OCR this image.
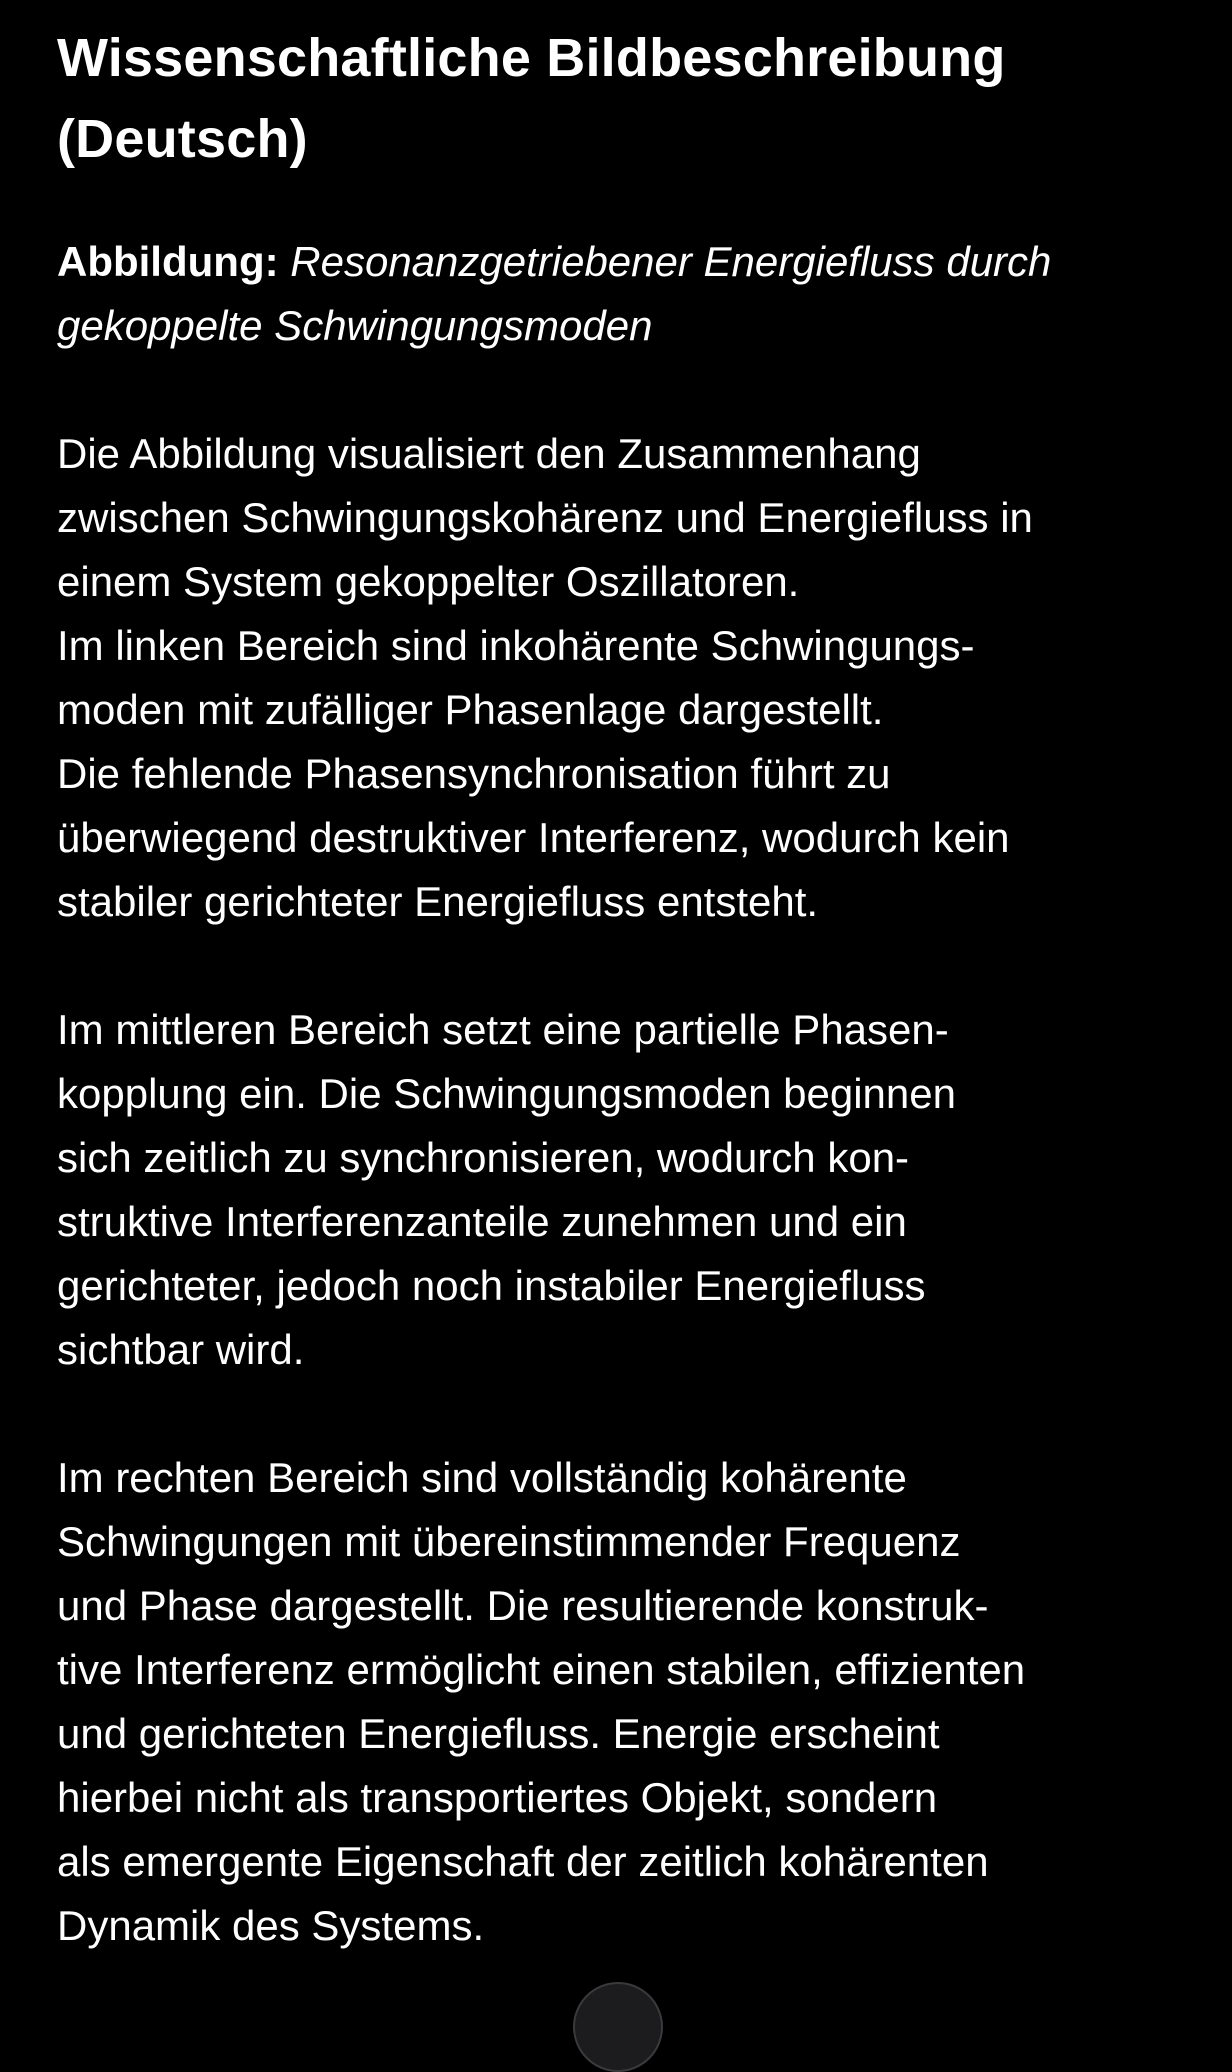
Wissenschaftliche Bildbeschreibung
(Deutsch)

Abbildung: Resonanzgetriebener Energiefluss durch
gekoppelte Schwingungsmoden

Die Abbildung visualisiert den Zusammenhang
zwischen Schwingungskohärenz und Energiefluss in
einem System gekoppelter Oszillatoren.
Im linken Bereich sind inkohärente Schwingungs-
moden mit zufälliger Phasenlage dargestellt.
Die fehlende Phasensynchronisation führt zu
überwiegend destruktiver Interferenz, wodurch kein
stabiler gerichteter Energiefluss entsteht.

Im mittleren Bereich setzt eine partielle Phasen-
kopplung ein. Die Schwingungsmoden beginnen
sich zeitlich zu synchronisieren, wodurch kon-
struktive Interferenzanteile zunehmen und ein
gerichteter, jedoch noch instabiler Energiefluss
sichtbar wird.

Im rechten Bereich sind vollständig kohärente
Schwingungen mit übereinstimmender Frequenz
und Phase dargestellt. Die resultierende konstruk-
tive Interferenz ermöglicht einen stabilen, effizienten
und gerichteten Energiefluss. Energie erscheint
hierbei nicht als transportiertes Objekt, sondern
als emergente Eigenschaft der zeitlich kohärenten
Dynamik des Systems.
